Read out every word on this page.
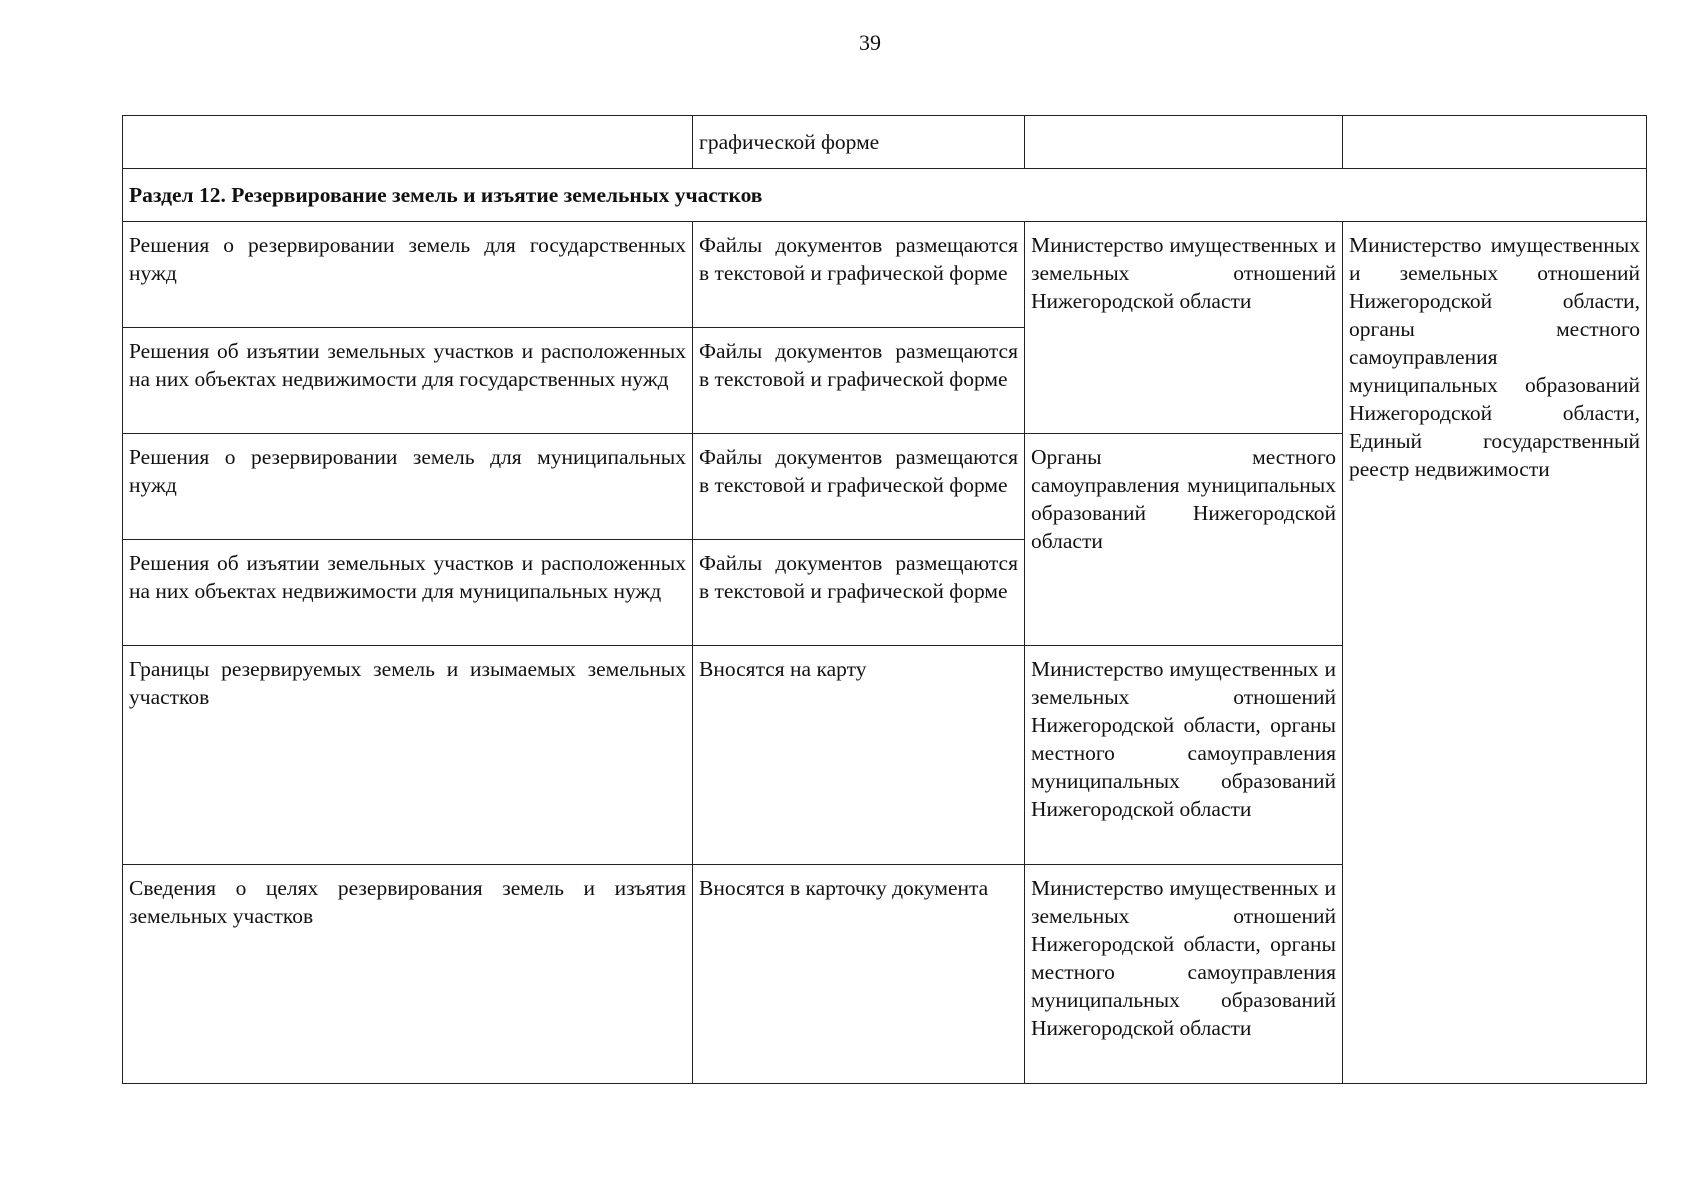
39
	графической форме		
Раздел 12. Резервирование земель и изъятие земельных участков			
Решения о резервировании земель для государственных нужд	Файлы документов размещаются в текстовой и графической форме	Министерство имущественных и земельных отношений Нижегородской области	Министерство имущественных и земельных отношений Нижегородской области, органы местного самоуправления муниципальных образований Нижегородской области, Единый государственный реестр недвижимости
Решения об изъятии земельных участков и расположенных на них объектах недвижимости для государственных нужд	Файлы документов размещаются в текстовой и графической форме		
Решения о резервировании земель для муниципальных нужд	Файлы документов размещаются в текстовой и графической форме	Органы местного самоуправления муниципальных образований Нижегородской области	
Решения об изъятии земельных участков и расположенных на них объектах недвижимости для муниципальных нужд	Файлы документов размещаются в текстовой и графической форме		
Границы резервируемых земель и изымаемых земельных участков	Вносятся на карту	Министерство имущественных и земельных отношений Нижегородской области, органы местного самоуправления муниципальных образований Нижегородской области	
Сведения о целях резервирования земель и изъятия земельных участков	Вносятся в карточку документа	Министерство имущественных и земельных отношений Нижегородской области, органы местного самоуправления муниципальных образований Нижегородской области	
